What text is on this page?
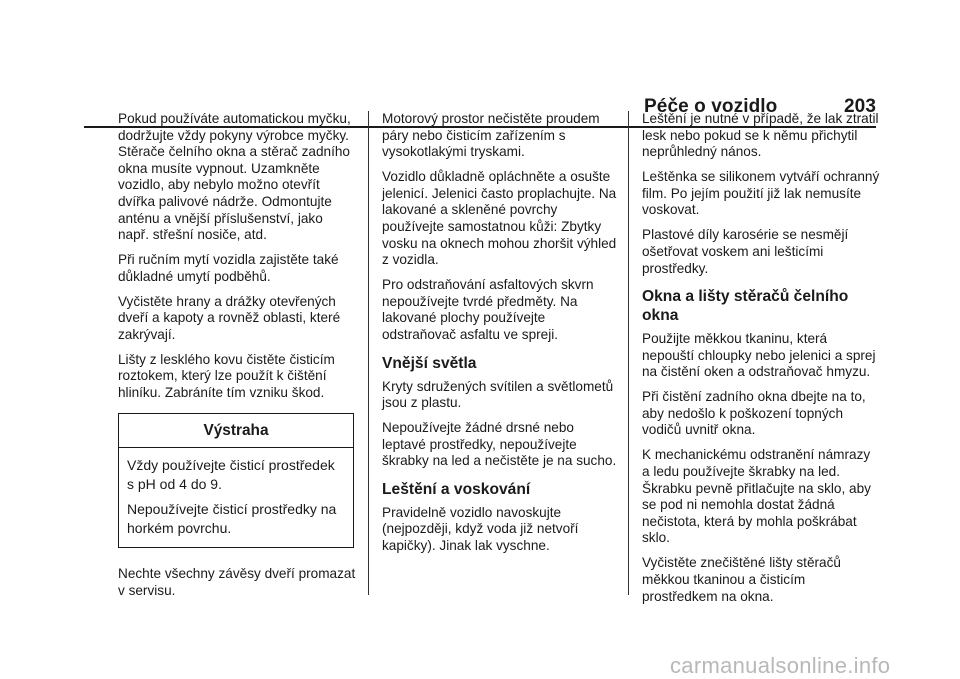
Péče o vozidlo	203

Pokud používáte automatickou myčku, dodržujte vždy pokyny výrobce myčky. Stěrače čelního okna a stěrač zadního okna musíte vypnout. Uzamkněte vozidlo, aby nebylo možno otevřít dvířka palivové nádrže. Odmontujte anténu a vnější příslušenství, jako např. střešní nosiče, atd.

Při ručním mytí vozidla zajistěte také důkladné umytí podběhů.

Vyčistěte hrany a drážky otevřených dveří a kapoty a rovněž oblasti, které zakrývají.

Lišty z lesklého kovu čistěte čisticím roztokem, který lze použít k čištění hliníku. Zabráníte tím vzniku škod.

Výstraha

Vždy používejte čisticí prostředek s pH od 4 do 9.

Nepoužívejte čisticí prostředky na horkém povrchu.

Nechte všechny závěsy dveří promazat v servisu.

Motorový prostor nečistěte proudem páry nebo čisticím zařízením s vysokotlakými tryskami.

Vozidlo důkladně opláchněte a osušte jelenicí. Jelenici často proplachujte. Na lakované a skleněné povrchy používejte samostatnou kůži: Zbytky vosku na oknech mohou zhoršit výhled z vozidla.

Pro odstraňování asfaltových skvrn nepoužívejte tvrdé předměty. Na lakované plochy používejte odstraňovač asfaltu ve spreji.

Vnější světla

Kryty sdružených svítilen a světlometů jsou z plastu.

Nepoužívejte žádné drsné nebo leptavé prostředky, nepoužívejte škrabky na led a nečistěte je na sucho.

Leštění a voskování

Pravidelně vozidlo navoskujte (nejpozději, když voda již netvoří kapičky). Jinak lak vyschne.

Leštění je nutné v případě, že lak ztratil lesk nebo pokud se k němu přichytil neprůhledný nános.

Leštěnka se silikonem vytváří ochranný film. Po jejím použití již lak nemusíte voskovat.

Plastové díly karosérie se nesmějí ošetřovat voskem ani lešticími prostředky.

Okna a lišty stěračů čelního okna

Použijte měkkou tkaninu, která nepouští chloupky nebo jelenici a sprej na čistění oken a odstraňovač hmyzu.

Při čistění zadního okna dbejte na to, aby nedošlo k poškození topných vodičů uvnitř okna.

K mechanickému odstranění námrazy a ledu používejte škrabky na led. Škrabku pevně přitlačujte na sklo, aby se pod ni nemohla dostat žádná nečistota, která by mohla poškrábat sklo.

Vyčistěte znečištěné lišty stěračů měkkou tkaninou a čisticím prostředkem na okna.

carmanualsonline.info
